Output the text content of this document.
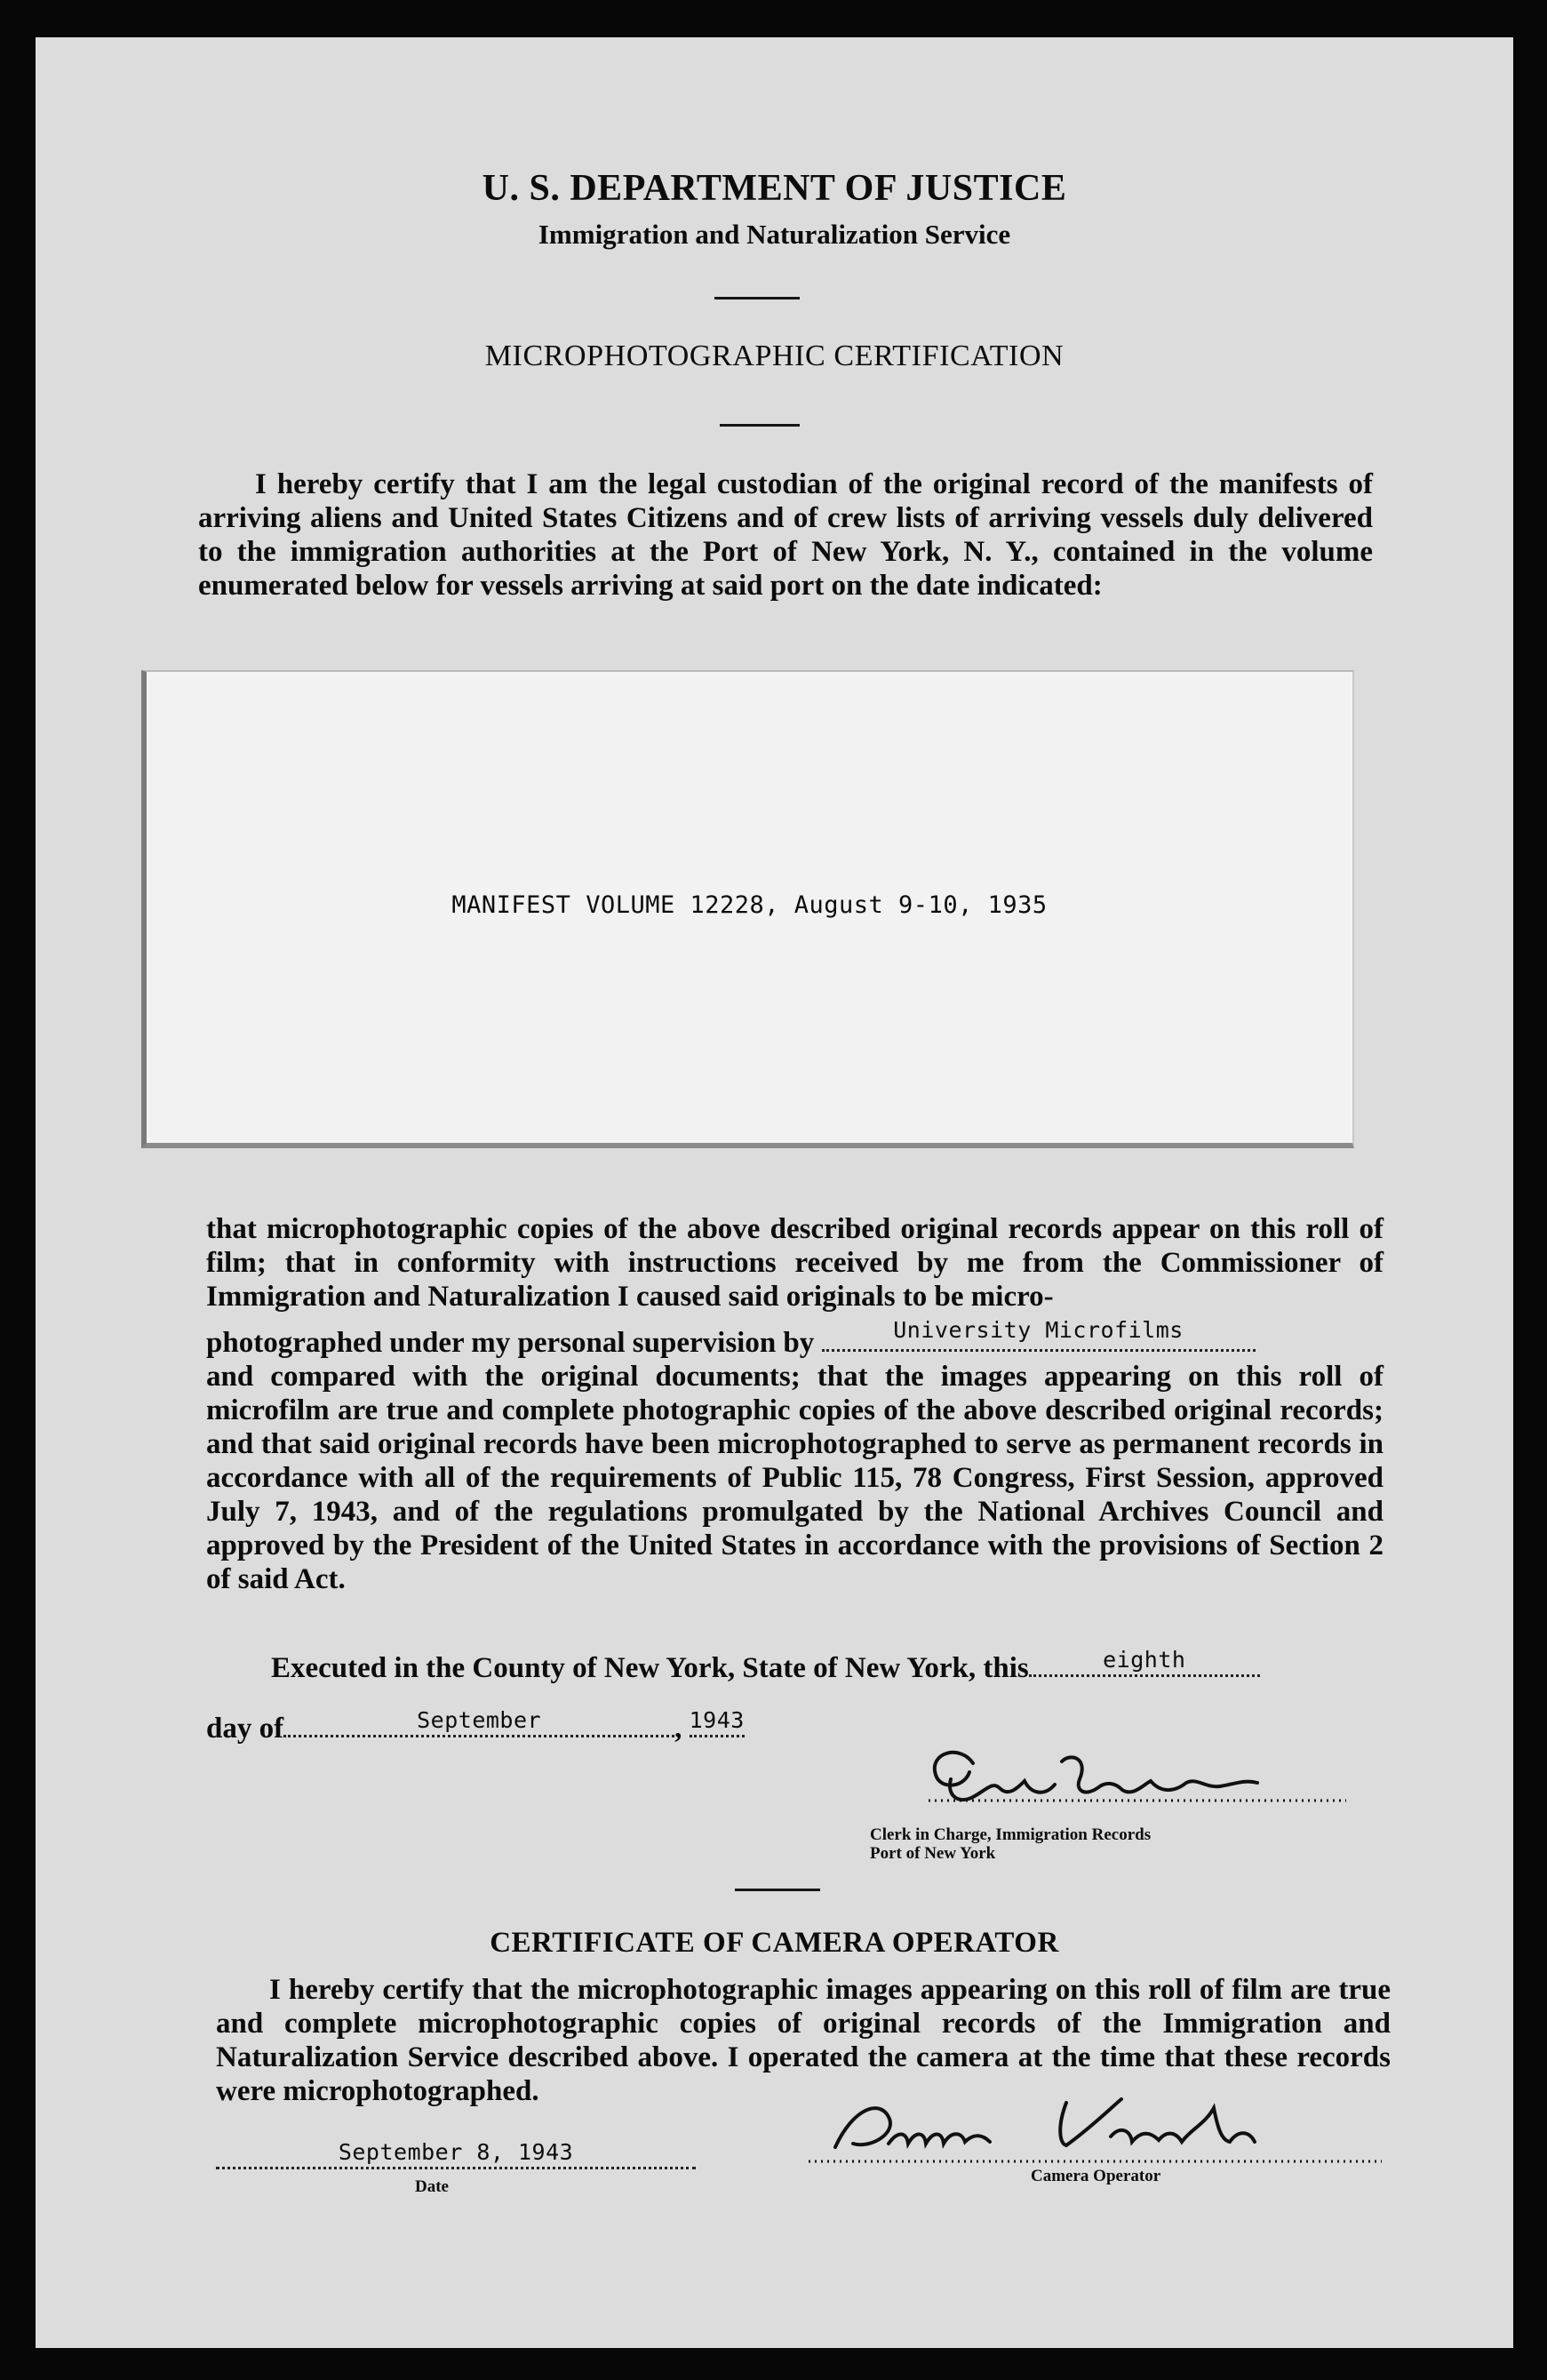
U. S. DEPARTMENT OF JUSTICE
Immigration and Naturalization Service
MICROPHOTOGRAPHIC CERTIFICATION

I hereby certify that I am the legal custodian of the original record of the manifests of arriving aliens and United States Citizens and of crew lists of arriving vessels duly delivered to the immigration authorities at the Port of New York, N. Y., contained in the volume enumerated below for vessels arriving at said port on the date indicated:

MANIFEST VOLUME 12228, August 9-10, 1935

that microphotographic copies of the above described original records appear on this roll of film; that in conformity with instructions received by me from the Commissioner of Immigration and Naturalization I caused said originals to be micro-

photographed under my personal supervision by	University Microfilms

and compared with the original documents; that the images appearing on this roll of microfilm are true and complete photographic copies of the above described original records; and that said original records have been microphotographed to serve as permanent records in accordance with all of the requirements of Public 115, 78 Congress, First Session, approved July 7, 1943, and of the regulations promulgated by the National Archives Council and approved by the President of the United States in accordance with the provisions of Section 2 of said Act.

Executed in the County of New York, State of New York, this	eighth
day of	September	, 1943
Clerk in Charge, Immigration Records
Port of New York
CERTIFICATE OF CAMERA OPERATOR

I hereby certify that the microphotographic images appearing on this roll of film are true and complete microphotographic copies of original records of the Immigration and Naturalization Service described above. I operated the camera at the time that these records were microphotographed.

September 8, 1943
Date
Camera Operator
